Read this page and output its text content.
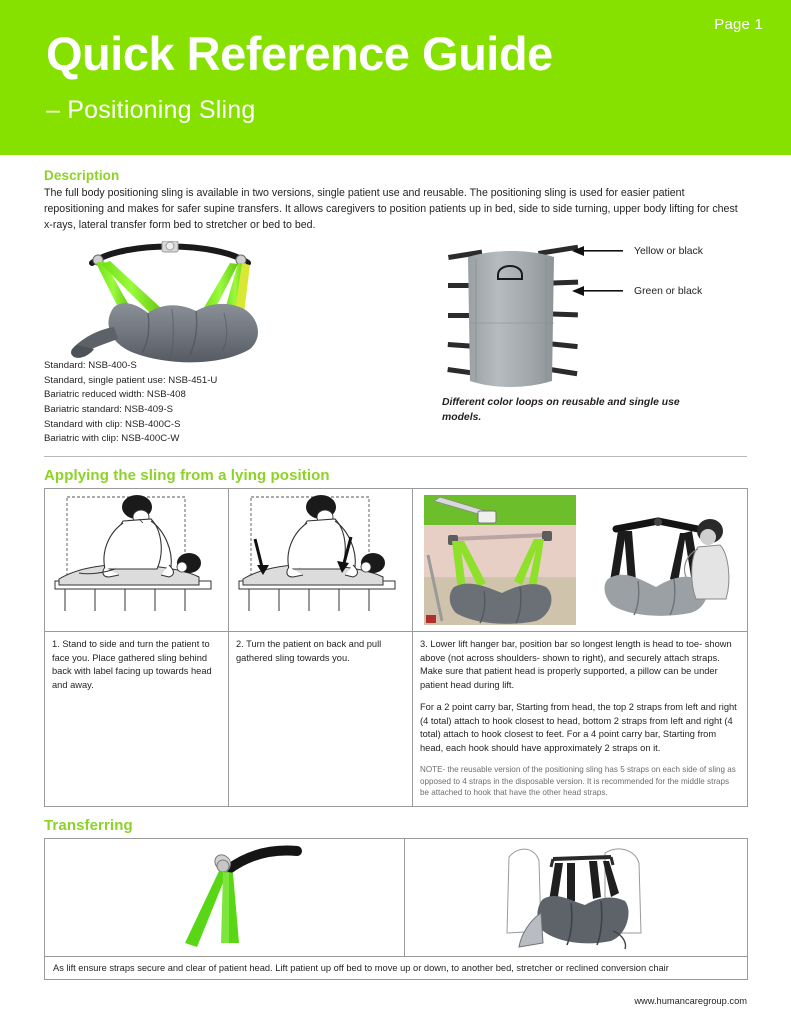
Page 1
Quick Reference Guide
– Positioning Sling
Description
The full body positioning sling is available in two versions, single patient use and reusable. The positioning sling is used for easier patient repositioning and makes for safer supine transfers. It allows caregivers to position patients up in bed, side to side turning, upper body lifting for chest x-rays, lateral transfer form bed to stretcher or bed to bed.
Standard: NSB-400-S
Standard, single patient use: NSB-451-U
Bariatric reduced width: NSB-408
Bariatric standard: NSB-409-S
Standard with clip: NSB-400C-S
Bariatric with clip: NSB-400C-W
Yellow or black
Green or black
Different color loops on reusable and single use models.
Applying the sling from a lying position

1. Stand to side and turn the patient to face you. Place gathered sling behind back with label facing up towards head and away.	2. Turn the patient on back and pull gathered sling towards you.	3. Lower lift hanger bar, position bar so longest length is head to toe- shown above (not across shoulders- shown to right), and securely attach straps. Make sure that patient head is properly supported, a pillow can be under patient head during lift.

For a 2 point carry bar, Starting from head, the top 2 straps from left and right (4 total) attach to hook closest to head, bottom 2 straps from left and right (4 total) attach to hook closest to feet. For a 4 point carry bar, Starting from head, each hook should have approximately 2 straps on it.

NOTE- the reusable version of the positioning sling has 5 straps on each side of sling as opposed to 4 straps in the disposable version. It is recommended for the middle straps be attached to hook that have the other head straps.

Transferring

As lift ensure straps secure and clear of patient head. Lift patient up off bed to move up or down, to another bed, stretcher or reclined conversion chair
www.humancaregroup.com
